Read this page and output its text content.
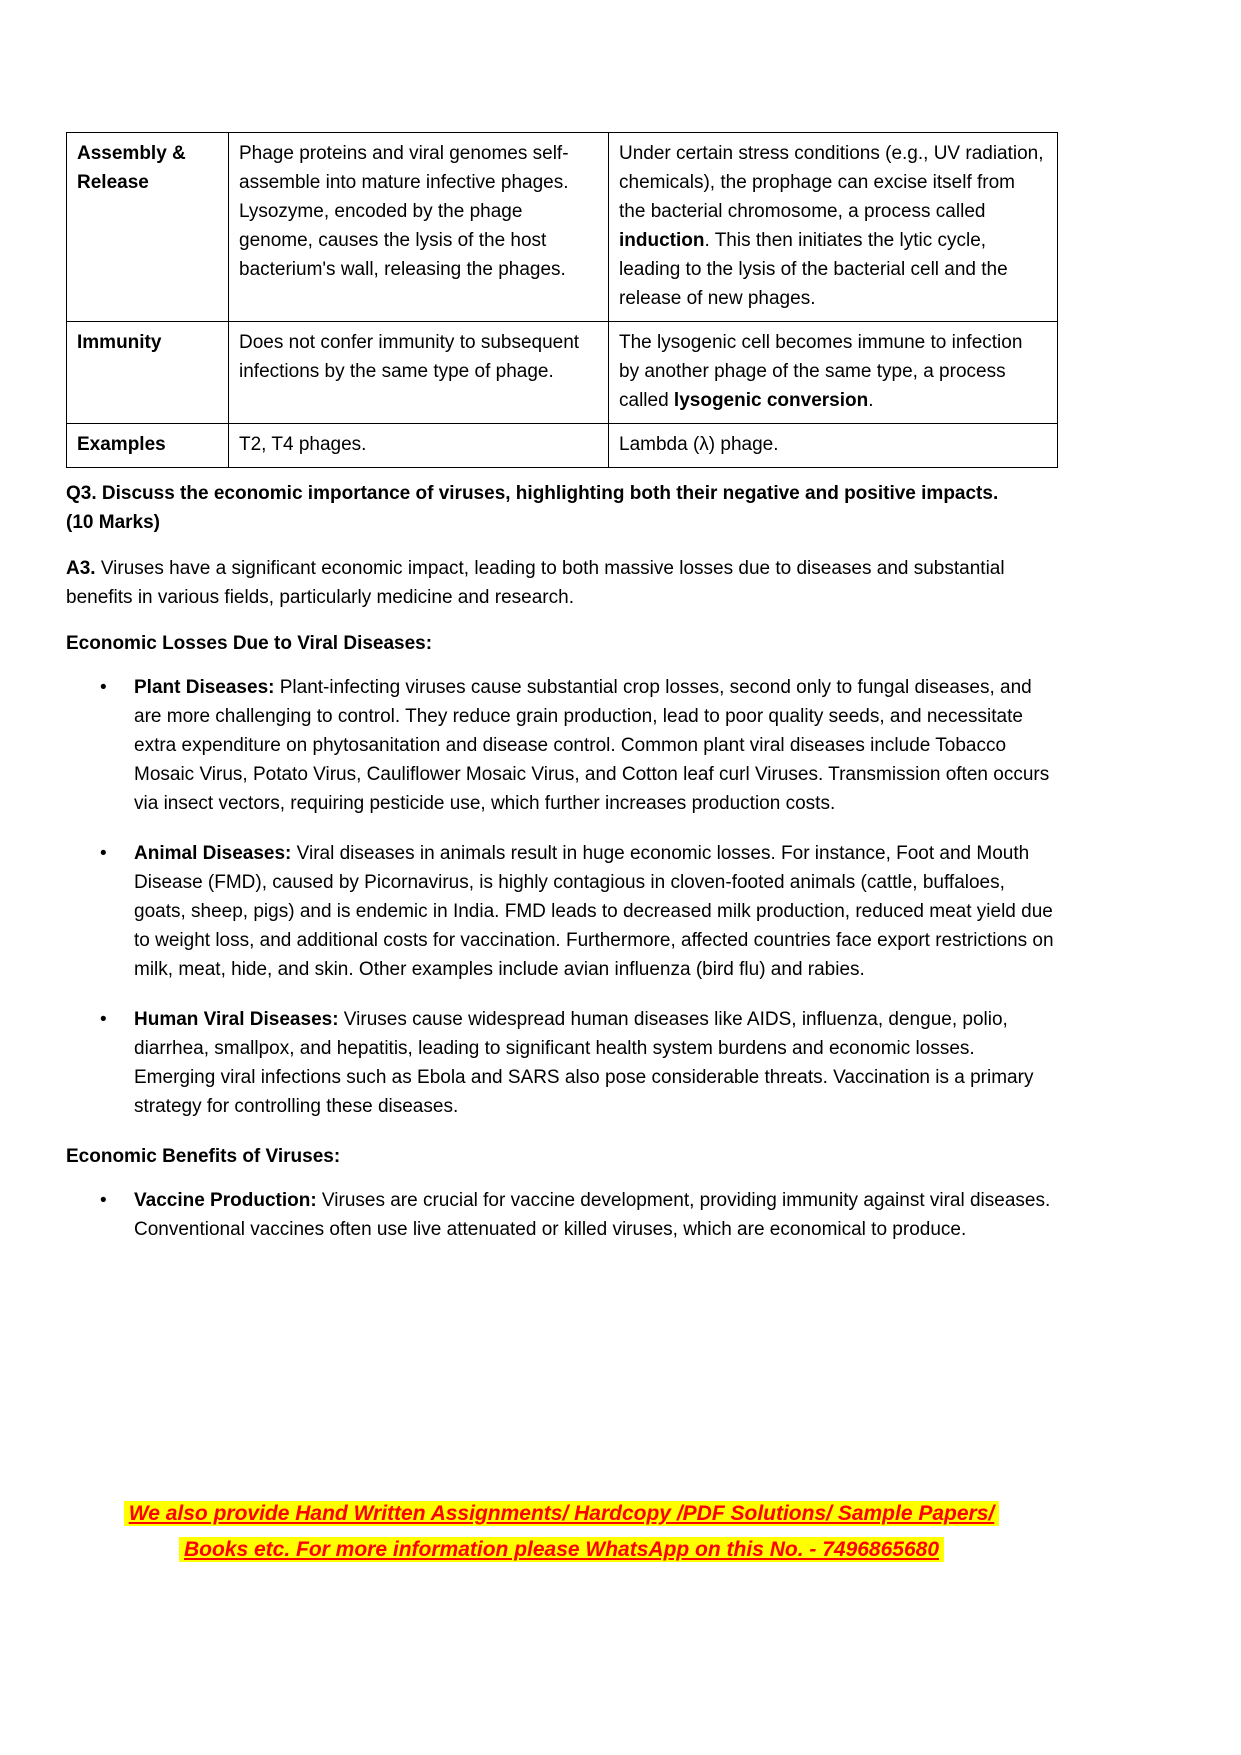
Assembly & Release	Phage proteins and viral genomes self-assemble into mature infective phages. Lysozyme, encoded by the phage genome, causes the lysis of the host bacterium's wall, releasing the phages.	Under certain stress conditions (e.g., UV radiation, chemicals), the prophage can excise itself from the bacterial chromosome, a process called induction. This then initiates the lytic cycle, leading to the lysis of the bacterial cell and the release of new phages.
Immunity	Does not confer immunity to subsequent infections by the same type of phage.	The lysogenic cell becomes immune to infection by another phage of the same type, a process called lysogenic conversion.
Examples	T2, T4 phages.	Lambda (λ) phage.
Q3. Discuss the economic importance of viruses, highlighting both their negative and positive impacts.
(10 Marks)

A3. Viruses have a significant economic impact, leading to both massive losses due to diseases and substantial benefits in various fields, particularly medicine and research.

Economic Losses Due to Viral Diseases:
•	Plant Diseases: Plant-infecting viruses cause substantial crop losses, second only to fungal diseases, and are more challenging to control. They reduce grain production, lead to poor quality seeds, and necessitate extra expenditure on phytosanitation and disease control. Common plant viral diseases include Tobacco Mosaic Virus, Potato Virus, Cauliflower Mosaic Virus, and Cotton leaf curl Viruses. Transmission often occurs via insect vectors, requiring pesticide use, which further increases production costs.
•	Animal Diseases: Viral diseases in animals result in huge economic losses. For instance, Foot and Mouth Disease (FMD), caused by Picornavirus, is highly contagious in cloven-footed animals (cattle, buffaloes, goats, sheep, pigs) and is endemic in India. FMD leads to decreased milk production, reduced meat yield due to weight loss, and additional costs for vaccination. Furthermore, affected countries face export restrictions on milk, meat, hide, and skin. Other examples include avian influenza (bird flu) and rabies.
•	Human Viral Diseases: Viruses cause widespread human diseases like AIDS, influenza, dengue, polio, diarrhea, smallpox, and hepatitis, leading to significant health system burdens and economic losses. Emerging viral infections such as Ebola and SARS also pose considerable threats. Vaccination is a primary strategy for controlling these diseases.
Economic Benefits of Viruses:
•	Vaccine Production: Viruses are crucial for vaccine development, providing immunity against viral diseases. Conventional vaccines often use live attenuated or killed viruses, which are economical to produce.
We also provide Hand Written Assignments/ Hardcopy /PDF Solutions/ Sample Papers/
Books etc. For more information please WhatsApp on this No. - 7496865680
